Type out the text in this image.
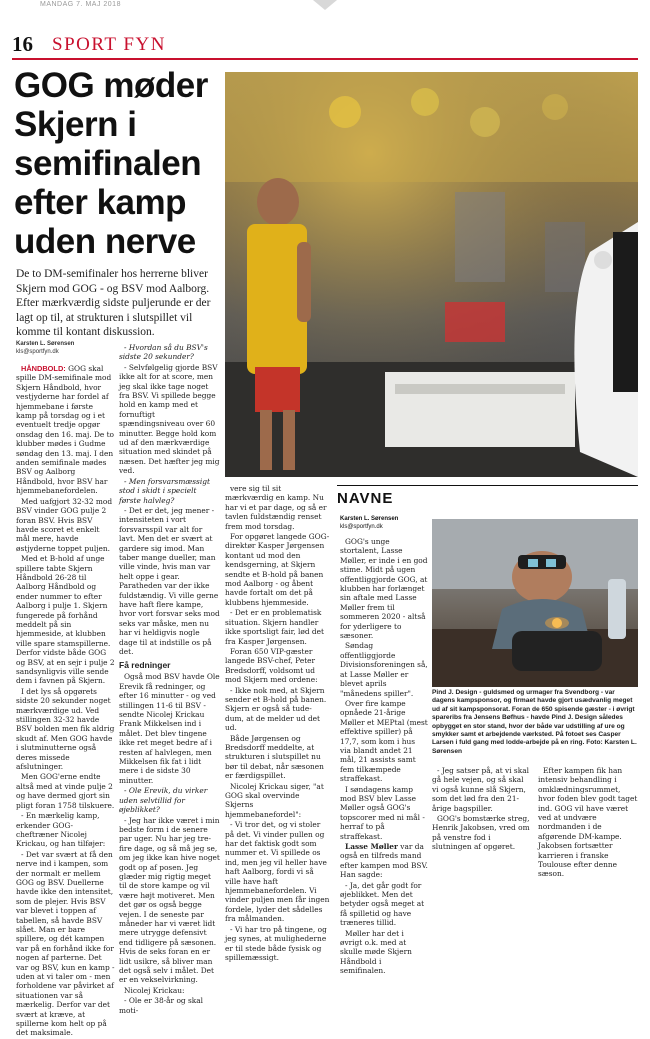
MANDAG 7. MAJ 2018
16 SPORT FYN
GOG møder Skjern i semifinalen efter kamp uden nerve

De to DM-semifinaler hos herrerne bliver Skjern mod GOG - og BSV mod Aalborg. Efter mærkværdig sidste puljerunde er der lagt op til, at strukturen i slutspillet vil komme til kontant diskussion.

Karsten L. Sørensen
kls@sportfyn.dk

HÅNDBOLD: GOG skal spille DM-semifinale mod Skjern Håndbold, hvor vestjyderne har fordel af hjemmebane i første kamp på torsdag og i et eventuelt tredje opgør onsdag den 16. maj. De to klubber mødes i Gudme søndag den 13. maj. I den anden semifinale mødes BSV og Aalborg Håndbold, hvor BSV har hjemmebanefordelen.

Med uafgjort 32-32 mod BSV vinder GOG pulje 2 foran BSV. Hvis BSV havde scoret et enkelt mål mere, havde østjyderne toppet puljen.

Med et B-hold af unge spillere tabte Skjern Håndbold 26-28 til Aalborg Håndbold og ender nummer to efter Aalborg i pulje 1. Skjern fungerede på forhånd meddelt på sin hjemmeside, at klubben ville spare stamspillerne. Derfor vidste både GOG og BSV, at en sejr i pulje 2 sandsynligvis ville sende dem i favnen på Skjern.

I det lys så opgørets sidste 20 sekunder noget mærkværdige ud. Ved stillingen 32-32 havde BSV bolden men fik aldrig skudt af. Men GOG havde i slutminutterne også deres missede afslutninger.

Men GOG'erne endte altså med at vinde pulje 2 og have dermed gjort sin pligt foran 1758 tilskuere.

- En mærkelig kamp, erkender GOG-cheftræner Nicolej Krickau, og han tilføjer:

- Det var svært at få den nerve ind i kampen, som der normalt er mellem GOG og BSV. Duellerne havde ikke den intensitet, som de plejer. Hvis BSV var blevet i toppen af tabellen, så havde BSV slået. Man er bare spillere, og dét kampen var på en forhånd ikke for nogen af parterne. Det var og BSV, kun en kamp - uden at vi taler om - men forholdene var påvirket af situationen var så mærkelig. Derfor var det svært at kræve, at spillerne kom helt op på det maksimale.

- Hvordan så du BSV's sidste 20 sekunder?

- Selvfølgelig gjorde BSV ikke alt for at score, men jeg skal ikke tage noget fra BSV. Vi spillede begge hold en kamp med et fornuftigt spændingsniveau over 60 minutter. Begge hold kom ud af den mærkværdige situation med skindet på næsen. Det hæfter jeg mig ved.

- Men forsvarsmæssigt stod i skidt i specielt første halvleg?

- Det er det, jeg mener - intensiteten i vort forsvarsspil var alt for lavt. Men det er svært at gardere sig imod. Man taber mange dueller, man ville vinde, hvis man var helt oppe i gear. Paratheden var der ikke fuldstændig. Vi ville gerne have haft flere kampe, hvor vort forsvar seks mod seks var måske, men nu har vi heldigvis nogle dage til at indstille os på det.

Få redninger

Også mod BSV havde Ole Erevik få redninger, og efter 16 minutter - og ved stillingen 11-6 til BSV - sendte Nicolej Krickau Frank Mikkelsen ind i målet. Det blev tingene ikke ret meget bedre af i resten af halvlegen, men Mikkelsen fik fat i lidt mere i de sidste 30 minutter.

- Ole Erevik, du virker uden selvtillid for øjeblikket?

- Jeg har ikke været i min bedste form i de senere par uger. Nu har jeg tre-fire dage, og så må jeg se, om jeg ikke kan hive noget godt op af posen. Jeg glæder mig rigtig meget til de store kampe og vil være højt motiveret. Men det gør os også begge vejen. I de seneste par måneder har vi været lidt mere utrygge defensivt end tidligere på sæsonen. Hvis de seks foran en er lidt usikre, så bliver man det også selv i målet. Det er en vekselvirkning.

Nicolej Krickau:

- Ole er 38-år og skal moti-

vere sig til sit mærkværdig en kamp. Nu har vi et par dage, og så er tavlen fuldstændig renset frem mod torsdag.

For opgøret langede GOG-direktør Kasper Jørgensen kontant ud mod den kendsgerning, at Skjern sendte et B-hold på banen mod Aalborg - og åbent havde fortalt om det på klubbens hjemmeside.

- Det er en problematisk situation. Skjern handler ikke sportsligt fair, lød det fra Kasper Jørgensen.

Foran 650 VIP-gæster langede BSV-chef, Peter Bredsdorff, voldsomt ud mod Skjern med ordene:

- Ikke nok med, at Skjern sender et B-hold på banen. Skjern er også så tude-dum, at de melder ud det ud.

Både Jørgensen og Bredsdorff meddelte, at strukturen i slutspillet nu bør til debat, når sæsonen er færdigspillet.

Nicolej Krickau siger, "at GOG skal overvinde Skjerns hjemmebanefordel":

- Vi tror det, og vi stoler på det. Vi vinder pullen og har det faktisk godt som nummer et. Vi spillede os ind, men jeg vil heller have haft Aalborg, fordi vi så ville have haft hjemmebanefordelen. Vi vinder puljen men får ingen fordele, lyder det sådelles fra målmanden.

- Vi har tro på tingene, og jeg synes, at mulighederne er til stede både fysisk og spillemæssigt.

NAVNE
Karsten L. Sørensen
kls@sportfyn.dk

GOG's unge stortalent, Lasse Møller, er inde i en god stime. Midt på ugen offentliggjorde GOG, at klubben har forlænget sin aftale med Lasse Møller frem til sommeren 2020 - altså for yderligere to sæsoner.

Søndag offentliggjorde Divisionsforeningen så, at Lasse Møller er blevet aprils "månedens spiller".

Over fire kampe opnåede 21-årige Møller et MEPtal (mest effektive spiller) på 17,7, som kom i hus via blandt andet 21 mål, 21 assists samt fem tilkæmpede straffekast.

I søndagens kamp mod BSV blev Lasse Møller også GOG's topscorer med ni mål - herraf to på straffekast.

Lasse Møller var da også en tilfreds mand efter kampen mod BSV. Han sagde:

- Ja, det går godt for øjeblikket. Men det betyder også meget at få spilletid og have træneres tillid.

Møller har det i øvrigt o.k. med at skulle møde Skjern Håndbold i semifinalen.

Pind J. Design - guldsmed og urmager fra Svendborg - var dagens kampsponsor, og firmaet havde gjort usædvanlig meget ud af sit kampsponsorat. Foran de 650 spisende gæster - i øvrigt spareribs fra Jensens Bøfhus - havde Pind J. Design således opbygget en stor stand, hvor der både var udstilling af ure og smykker samt et arbejdende værksted. På fotoet ses Casper Larsen i fuld gang med lodde-arbejde på en ring. Foto: Karsten L. Sørensen

- Jeg satser på, at vi skal gå hele vejen, og så skal vi også kunne slå Skjern, som det lød fra den 21-årige bagspiller.

GOG's bomstærke streg, Henrik Jakobsen, vred om på venstre fod i slutningen af opgøret.

Efter kampen fik han intensiv behandling i omklædningsrummet, hvor foden blev godt taget ind. GOG vil have været ved at undvære nordmanden i de afgørende DM-kampe. Jakobsen fortsætter karrieren i franske Toulouse efter denne sæson.
